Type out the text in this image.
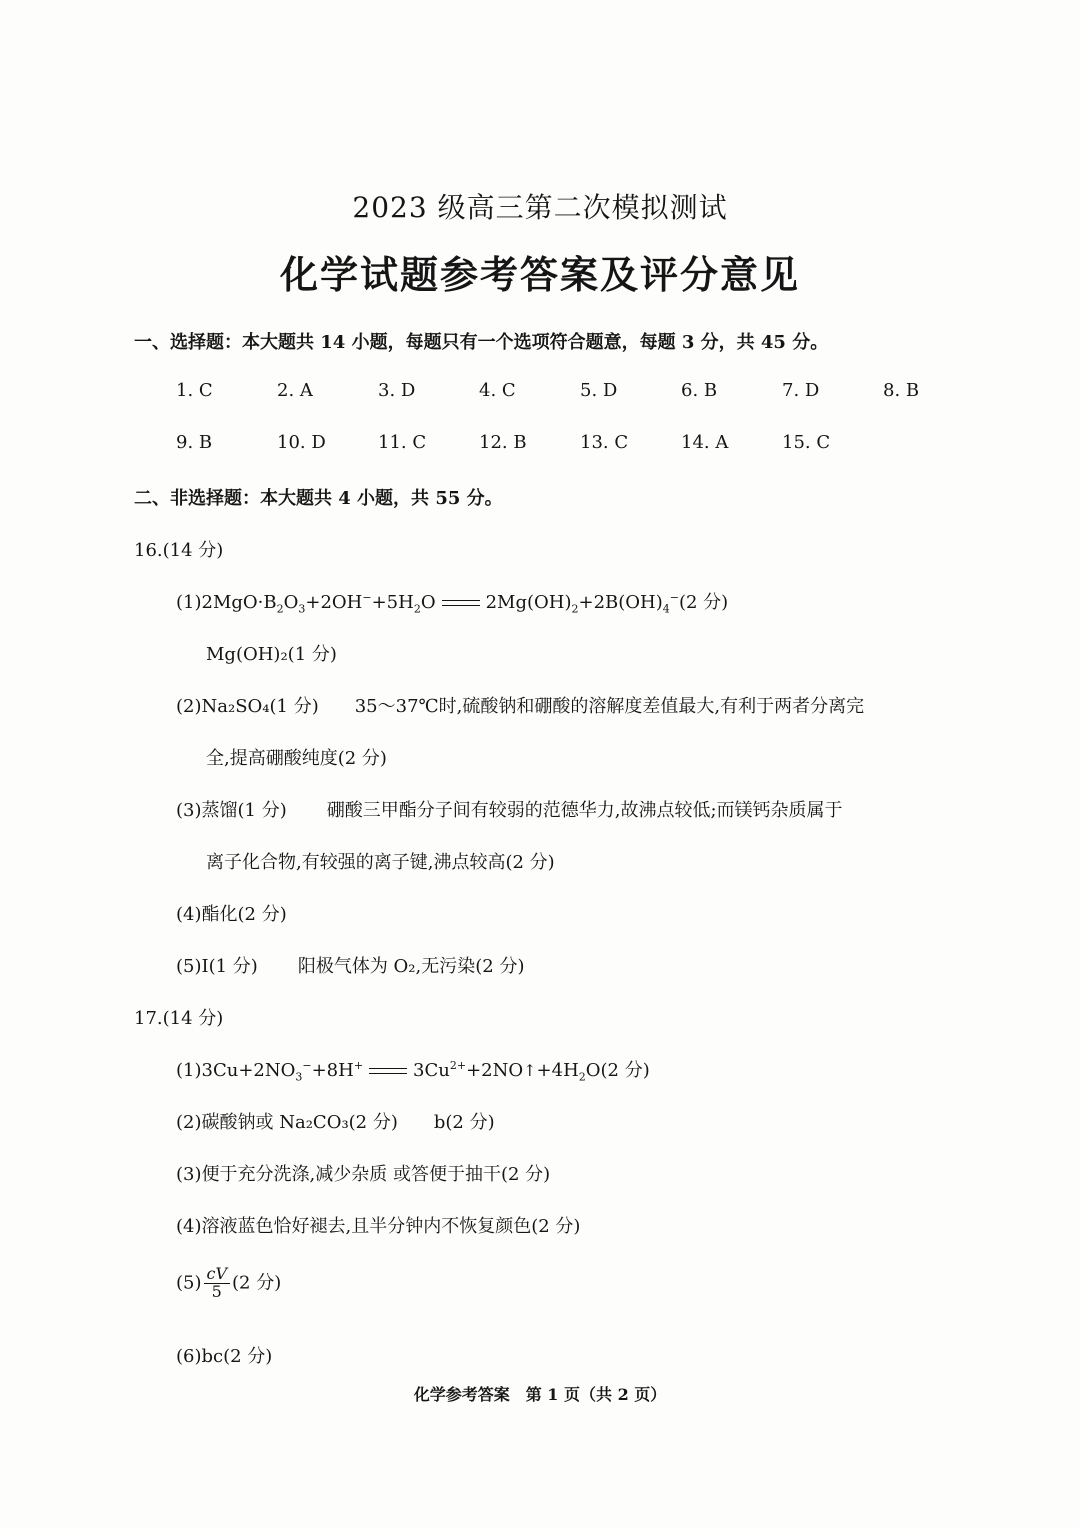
2023 级高三第二次模拟测试
化学试题参考答案及评分意见
一、选择题：本大题共 14 小题，每题只有一个选项符合题意，每题 3 分，共 45 分。
1. C	2. A	3. D	4. C	5. D	6. B	7. D	8. B
9. B	10. D	11. C	12. B	13. C	14. A	15. C
二、非选择题：本大题共 4 小题，共 55 分。
16.(14 分)
$(1)2MgO\cdot B_2O_3+2OH^-+5H_2O$	$2Mg(OH)_2+2B(OH)_4^-(2$ 分)
Mg(OH)₂(1 分)
(2)Na₂SO₄(1 分) 35～37℃时,硫酸钠和硼酸的溶解度差值最大,有利于两者分离完
全,提高硼酸纯度(2 分)
(3)蒸馏(1 分) 硼酸三甲酯分子间有较弱的范德华力,故沸点较低;而镁钙杂质属于
离子化合物,有较强的离子键,沸点较高(2 分)
(4)酯化(2 分)
(5)I(1 分) 阳极气体为 O₂,无污染(2 分)
17.(14 分)
$(1)3Cu+2NO_3^-+8H^+$	$3Cu^{2+}+2NO↑+4H_2O(2$ 分)
(2)碳酸钠或 Na₂CO₃(2 分) b(2 分)
(3)便于充分洗涤,减少杂质 或答便于抽干(2 分)
(4)溶液蓝色恰好褪去,且半分钟内不恢复颜色(2 分)
$(5) \frac{cV}{5} (2$ 分)
(6)bc(2 分)
化学参考答案　第 1 页（共 2 页）
